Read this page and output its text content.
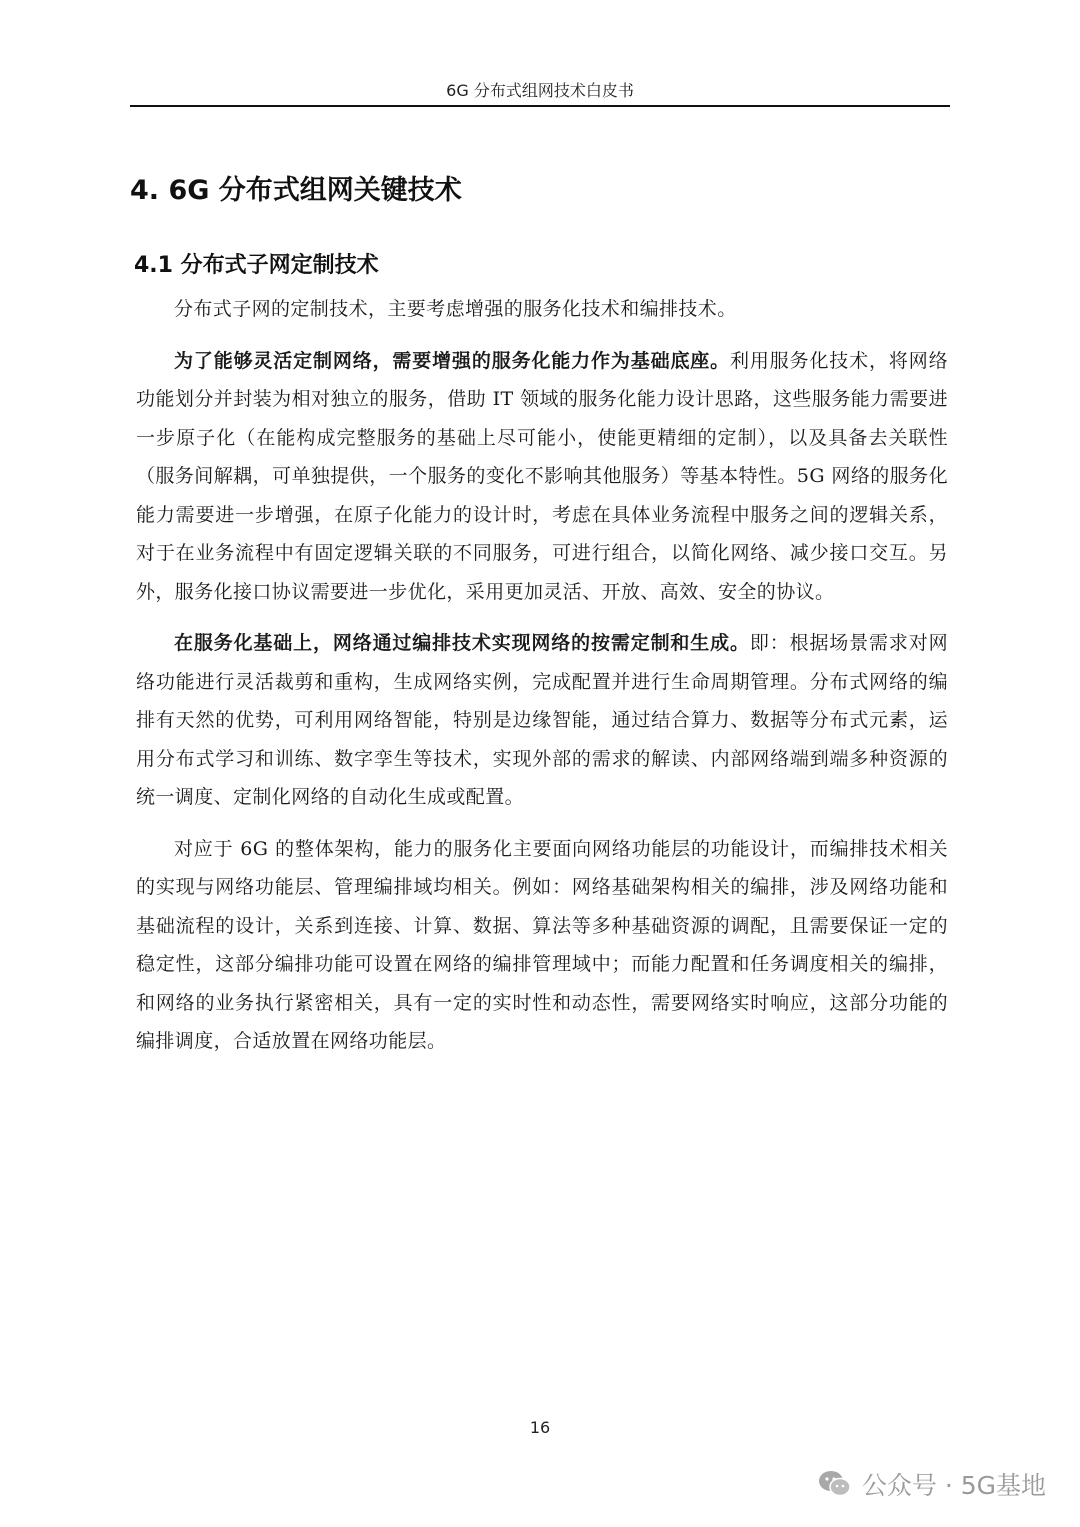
6G 分布式组网技术白皮书
4. 6G 分布式组网关键技术
4.1 分布式子网定制技术

分布式子网的定制技术，主要考虑增强的服务化技术和编排技术。

为了能够灵活定制网络，需要增强的服务化能力作为基础底座。利用服务化技术，将网络功能划分并封装为相对独立的服务，借助 IT 领域的服务化能力设计思路，这些服务能力需要进一步原子化（在能构成完整服务的基础上尽可能小，使能更精细的定制），以及具备去关联性（服务间解耦，可单独提供，一个服务的变化不影响其他服务）等基本特性。5G 网络的服务化能力需要进一步增强，在原子化能力的设计时，考虑在具体业务流程中服务之间的逻辑关系，对于在业务流程中有固定逻辑关联的不同服务，可进行组合，以简化网络、减少接口交互。另外，服务化接口协议需要进一步优化，采用更加灵活、开放、高效、安全的协议。

在服务化基础上，网络通过编排技术实现网络的按需定制和生成。即：根据场景需求对网络功能进行灵活裁剪和重构，生成网络实例，完成配置并进行生命周期管理。分布式网络的编排有天然的优势，可利用网络智能，特别是边缘智能，通过结合算力、数据等分布式元素，运用分布式学习和训练、数字孪生等技术，实现外部的需求的解读、内部网络端到端多种资源的统一调度、定制化网络的自动化生成或配置。

对应于 6G 的整体架构，能力的服务化主要面向网络功能层的功能设计，而编排技术相关的实现与网络功能层、管理编排域均相关。例如：网络基础架构相关的编排，涉及网络功能和基础流程的设计，关系到连接、计算、数据、算法等多种基础资源的调配，且需要保证一定的稳定性，这部分编排功能可设置在网络的编排管理域中；而能力配置和任务调度相关的编排，和网络的业务执行紧密相关，具有一定的实时性和动态性，需要网络实时响应，这部分功能的编排调度，合适放置在网络功能层。

16
公众号 · 5G基地
